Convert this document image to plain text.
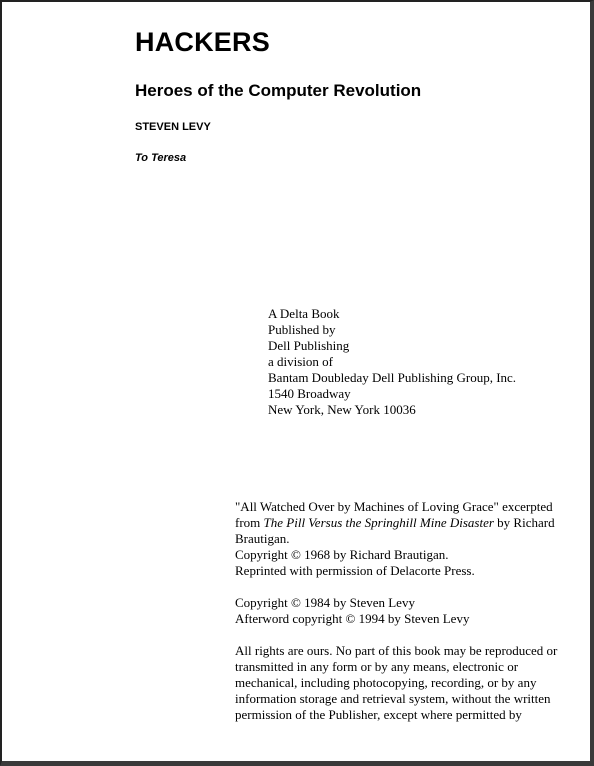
HACKERS
Heroes of the Computer Revolution
STEVEN LEVY
To Teresa
A Delta Book
Published by
Dell Publishing
a division of
Bantam Doubleday Dell Publishing Group, Inc.
1540 Broadway
New York, New York 10036
"All Watched Over by Machines of Loving Grace" excerpted
from The Pill Versus the Springhill Mine Disaster by Richard
Brautigan.
Copyright © 1968 by Richard Brautigan.
Reprinted with permission of Delacorte Press.
Copyright © 1984 by Steven Levy
Afterword copyright © 1994 by Steven Levy
All rights are ours. No part of this book may be reproduced or
transmitted in any form or by any means, electronic or
mechanical, including photocopying, recording, or by any
information storage and retrieval system, without the written
permission of the Publisher, except where permitted by
